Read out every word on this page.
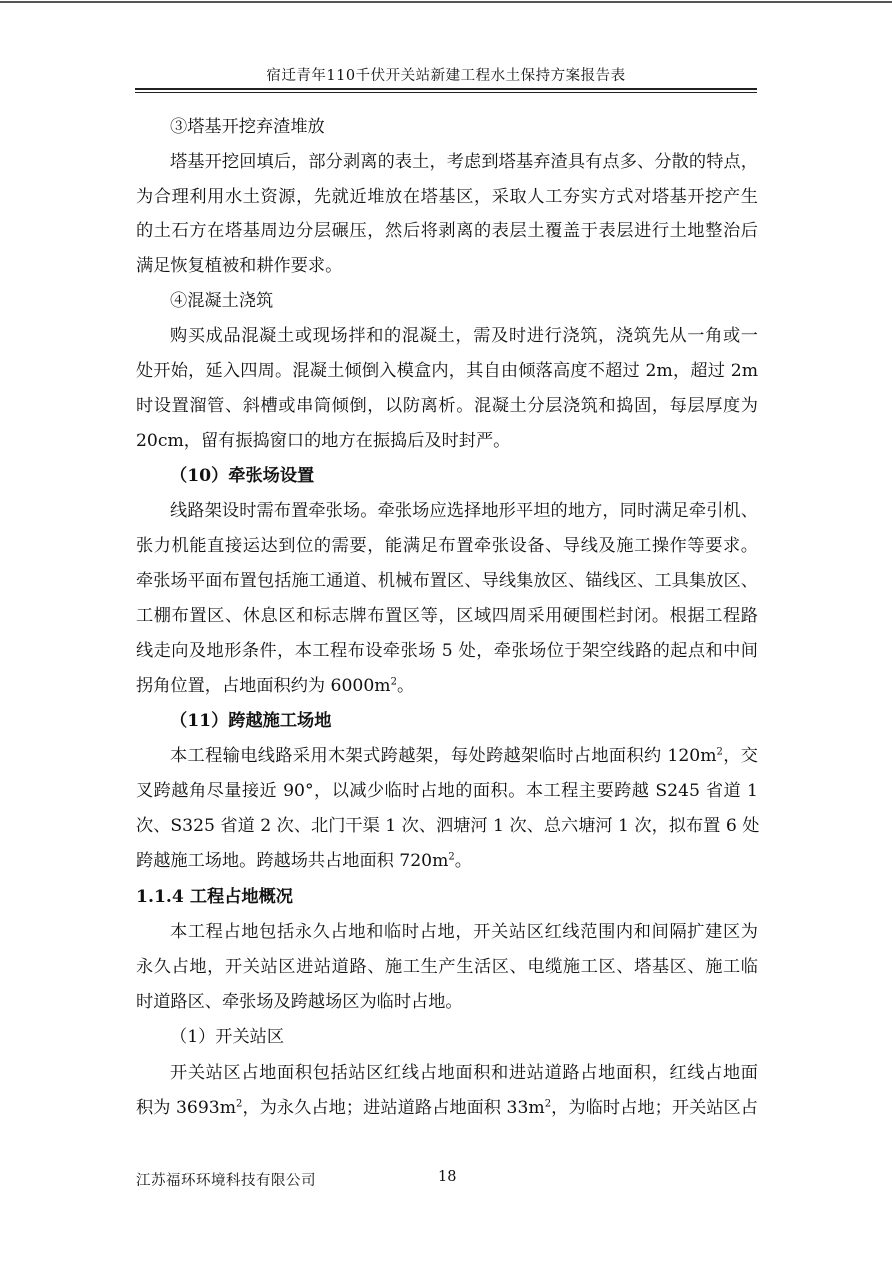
宿迁青年110千伏开关站新建工程水土保持方案报告表
③塔基开挖弃渣堆放
塔基开挖回填后，部分剥离的表土，考虑到塔基弃渣具有点多、分散的特点，
为合理利用水土资源，先就近堆放在塔基区，采取人工夯实方式对塔基开挖产生
的土石方在塔基周边分层碾压，然后将剥离的表层土覆盖于表层进行土地整治后
满足恢复植被和耕作要求。
④混凝土浇筑
购买成品混凝土或现场拌和的混凝土，需及时进行浇筑，浇筑先从一角或一
处开始，延入四周。混凝土倾倒入模盒内，其自由倾落高度不超过 2m，超过 2m
时设置溜管、斜槽或串筒倾倒，以防离析。混凝土分层浇筑和捣固，每层厚度为
20cm，留有振捣窗口的地方在振捣后及时封严。
（10）牵张场设置
线路架设时需布置牵张场。牵张场应选择地形平坦的地方，同时满足牵引机、
张力机能直接运达到位的需要，能满足布置牵张设备、导线及施工操作等要求。
牵张场平面布置包括施工通道、机械布置区、导线集放区、锚线区、工具集放区、
工棚布置区、休息区和标志牌布置区等，区域四周采用硬围栏封闭。根据工程路
线走向及地形条件，本工程布设牵张场 5 处，牵张场位于架空线路的起点和中间
拐角位置，占地面积约为 $6000m^2$。
（11）跨越施工场地
本工程输电线路采用木架式跨越架，每处跨越架临时占地面积约 $120m^2$，交
叉跨越角尽量接近 90°，以减少临时占地的面积。本工程主要跨越 S245 省道 1
次、S325 省道 2 次、北门干渠 1 次、泗塘河 1 次、总六塘河 1 次，拟布置 6 处
跨越施工场地。跨越场共占地面积 $720m^2$。
1.1.4 工程占地概况
本工程占地包括永久占地和临时占地，开关站区红线范围内和间隔扩建区为
永久占地，开关站区进站道路、施工生产生活区、电缆施工区、塔基区、施工临
时道路区、牵张场及跨越场区为临时占地。
（1）开关站区
开关站区占地面积包括站区红线占地面积和进站道路占地面积，红线占地面
积为 $3693m^2$，为永久占地；进站道路占地面积 $33m^2$，为临时占地；开关站区占
江苏福环环境科技有限公司	18
